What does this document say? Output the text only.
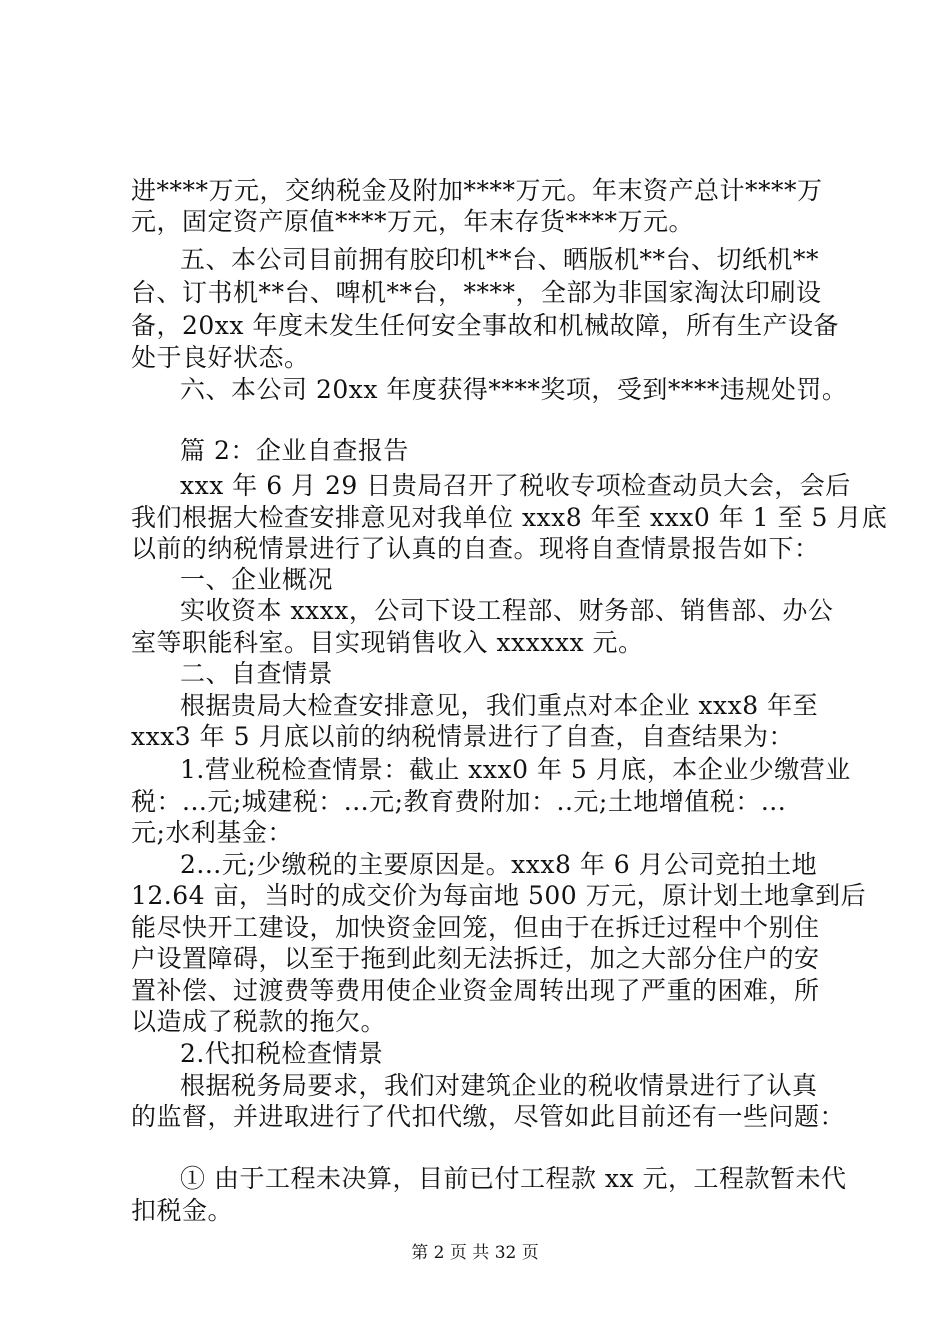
进****万元，交纳税金及附加****万元。年末资产总计****万
元，固定资产原值****万元，年末存货****万元。
五、本公司目前拥有胶印机**台、晒版机**台、切纸机**
台、订书机**台、啤机**台，****，全部为非国家淘汰印刷设
备，20xx 年度未发生任何安全事故和机械故障，所有生产设备
处于良好状态。
六、本公司 20xx 年度获得****奖项，受到****违规处罚。
篇 2：企业自查报告
xxx 年 6 月 29 日贵局召开了税收专项检查动员大会，会后
我们根据大检查安排意见对我单位 xxx8 年至 xxx0 年 1 至 5 月底
以前的纳税情景进行了认真的自查。现将自查情景报告如下：
一、企业概况
实收资本 xxxx，公司下设工程部、财务部、销售部、办公
室等职能科室。目实现销售收入 xxxxxx 元。
二、自查情景
根据贵局大检查安排意见，我们重点对本企业 xxx8 年至
xxx3 年 5 月底以前的纳税情景进行了自查，自查结果为：
1.营业税检查情景：截止 xxx0 年 5 月底，本企业少缴营业
税：...元;城建税：...元;教育费附加：..元;土地增值税：...
元;水利基金：
2...元;少缴税的主要原因是。xxx8 年 6 月公司竞拍土地
12.64 亩，当时的成交价为每亩地 500 万元，原计划土地拿到后
能尽快开工建设，加快资金回笼，但由于在拆迁过程中个别住
户设置障碍，以至于拖到此刻无法拆迁，加之大部分住户的安
置补偿、过渡费等费用使企业资金周转出现了严重的困难，所
以造成了税款的拖欠。
2.代扣税检查情景
根据税务局要求，我们对建筑企业的税收情景进行了认真
的监督，并进取进行了代扣代缴，尽管如此目前还有一些问题：
① 由于工程未决算，目前已付工程款 xx 元，工程款暂未代
扣税金。
第 2 页 共 32 页
